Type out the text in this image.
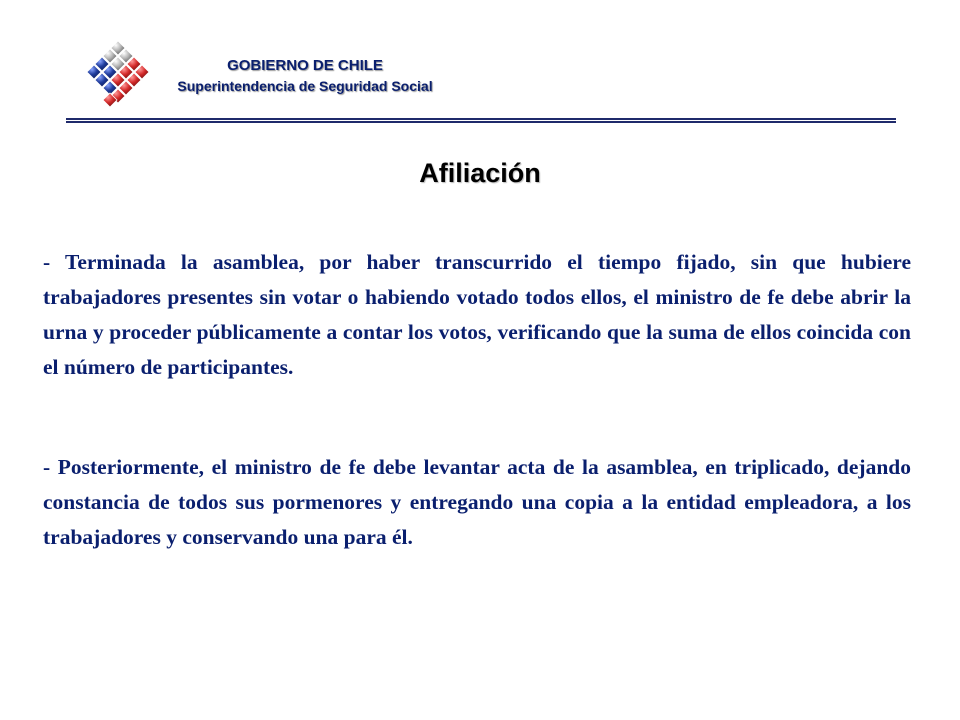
GOBIERNO DE CHILE
Superintendencia de Seguridad Social
Afiliación

- Terminada la asamblea, por haber transcurrido el tiempo fijado, sin que hubiere trabajadores presentes sin votar o habiendo votado todos ellos, el ministro de fe debe abrir la urna y proceder públicamente a contar los votos, verificando que la suma de ellos coincida con el número de participantes.

- Posteriormente, el ministro de fe debe levantar acta de la asamblea, en triplicado, dejando constancia de todos sus pormenores y entregando una copia a la entidad empleadora, a los trabajadores y conservando una para él.
